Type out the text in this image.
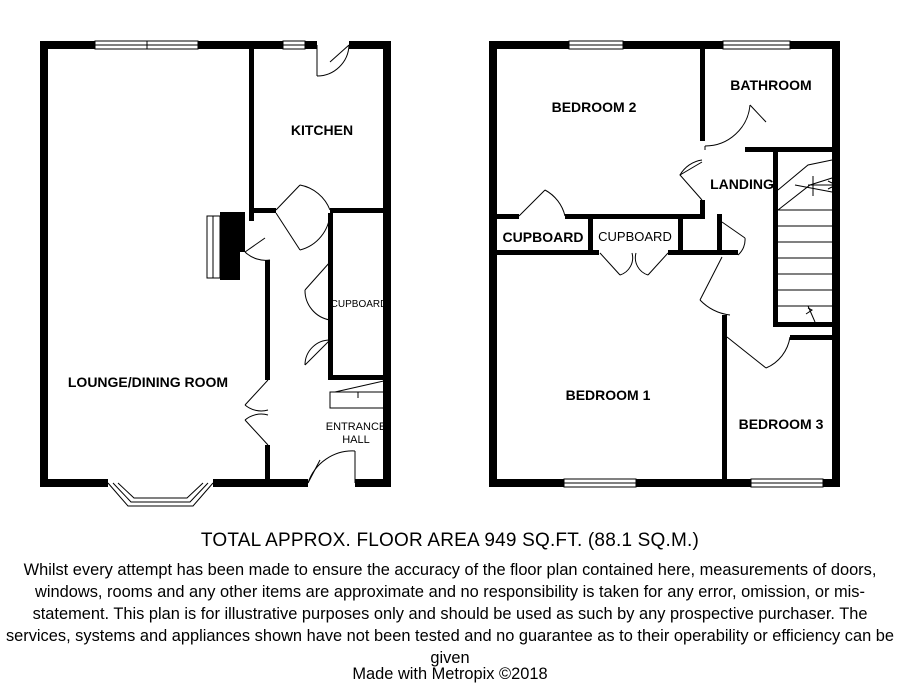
LOUNGE/DINING ROOM
KITCHEN
CUPBOARD
ENTRANCE
HALL
BEDROOM 2
BATHROOM
LANDING
CUPBOARD CUPBOARD
BEDROOM 1
BEDROOM 3
TOTAL APPROX. FLOOR AREA 949 SQ.FT. (88.1 SQ.M.)
Whilst every attempt has been made to ensure the accuracy of the floor plan contained here, measurements of doors, windows, rooms and any other items are approximate and no responsibility is taken for any error, omission, or mis-statement. This plan is for illustrative purposes only and should be used as such by any prospective purchaser. The services, systems and appliances shown have not been tested and no guarantee as to their operability or efficiency can be given
Made with Metropix ©2018
